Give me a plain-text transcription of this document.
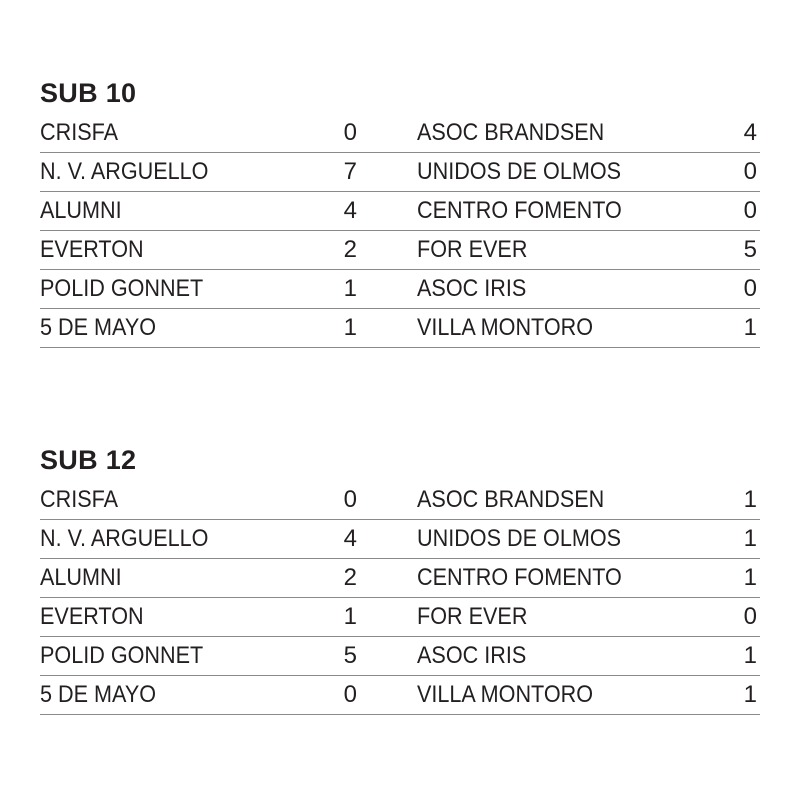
SUB 10
CRISFA	0	ASOC BRANDSEN	4
N. V. ARGUELLO	7	UNIDOS DE OLMOS	0
ALUMNI	4	CENTRO FOMENTO	0
EVERTON	2	FOR EVER	5
POLID GONNET	1	ASOC IRIS	0
5 DE MAYO	1	VILLA MONTORO	1
SUB 12
CRISFA	0	ASOC BRANDSEN	1
N. V. ARGUELLO	4	UNIDOS DE OLMOS	1
ALUMNI	2	CENTRO FOMENTO	1
EVERTON	1	FOR EVER	0
POLID GONNET	5	ASOC IRIS	1
5 DE MAYO	0	VILLA MONTORO	1
